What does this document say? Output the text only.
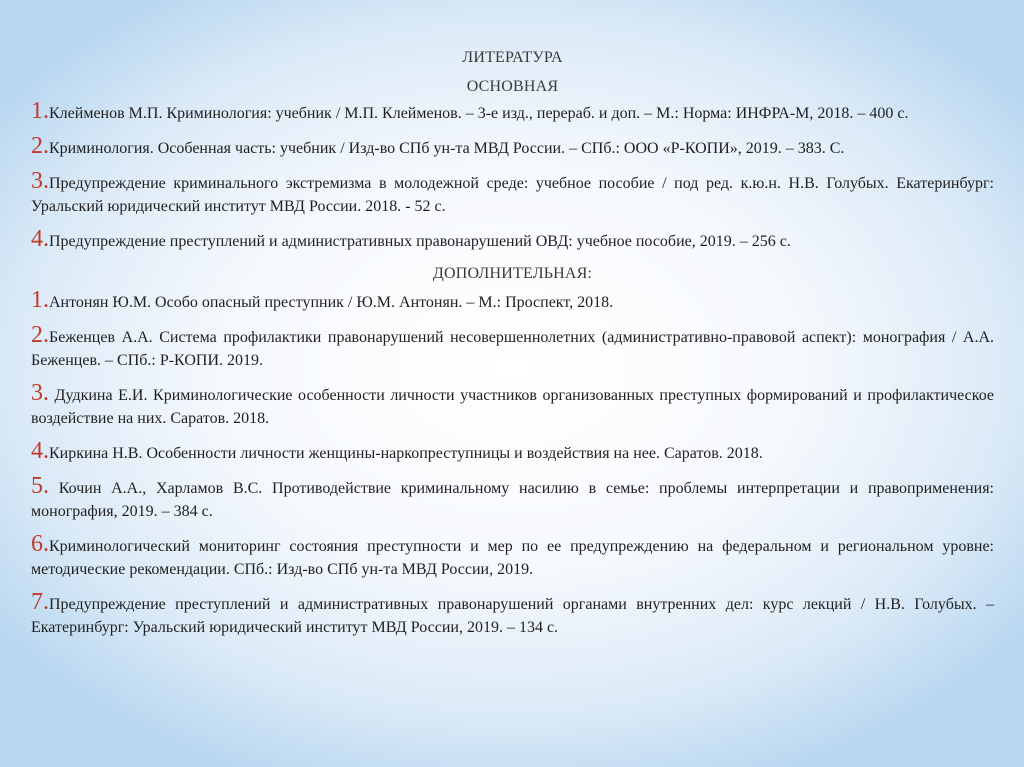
ЛИТЕРАТУРА
ОСНОВНАЯ
1.Клейменов М.П. Криминология: учебник / М.П. Клейменов. – 3-е изд., перераб. и доп. – М.: Норма: ИНФРА-М, 2018. – 400 с.
2.Криминология. Особенная часть: учебник / Изд-во СПб ун-та МВД России. – СПб.: ООО «Р-КОПИ», 2019. – 383. С.
3.Предупреждение криминального экстремизма в молодежной среде: учебное пособие / под ред. к.ю.н. Н.В. Голубых. Екатеринбург: Уральский юридический институт МВД России. 2018. - 52 с.
4.Предупреждение преступлений и административных правонарушений ОВД: учебное пособие, 2019. – 256 с.
ДОПОЛНИТЕЛЬНАЯ:
1.Антонян Ю.М. Особо опасный преступник / Ю.М. Антонян. – М.: Проспект, 2018.
2.Беженцев А.А. Система профилактики правонарушений несовершеннолетних (административно-правовой аспект): монография / А.А. Беженцев. – СПб.: Р-КОПИ. 2019.
3. Дудкина Е.И. Криминологические особенности личности участников организованных преступных формирований и профилактическое воздействие на них. Саратов. 2018.
4.Киркина Н.В. Особенности личности женщины-наркопреступницы и воздействия на нее. Саратов. 2018.
5. Кочин А.А., Харламов В.С. Противодействие криминальному насилию в семье: проблемы интерпретации и правоприменения: монография, 2019. – 384 с.
6.Криминологический мониторинг состояния преступности и мер по ее предупреждению на федеральном и региональном уровне: методические рекомендации. СПб.: Изд-во СПб ун-та МВД России, 2019.
7.Предупреждение преступлений и административных правонарушений органами внутренних дел: курс лекций / Н.В. Голубых. – Екатеринбург: Уральский юридический институт МВД России, 2019. – 134 с.
